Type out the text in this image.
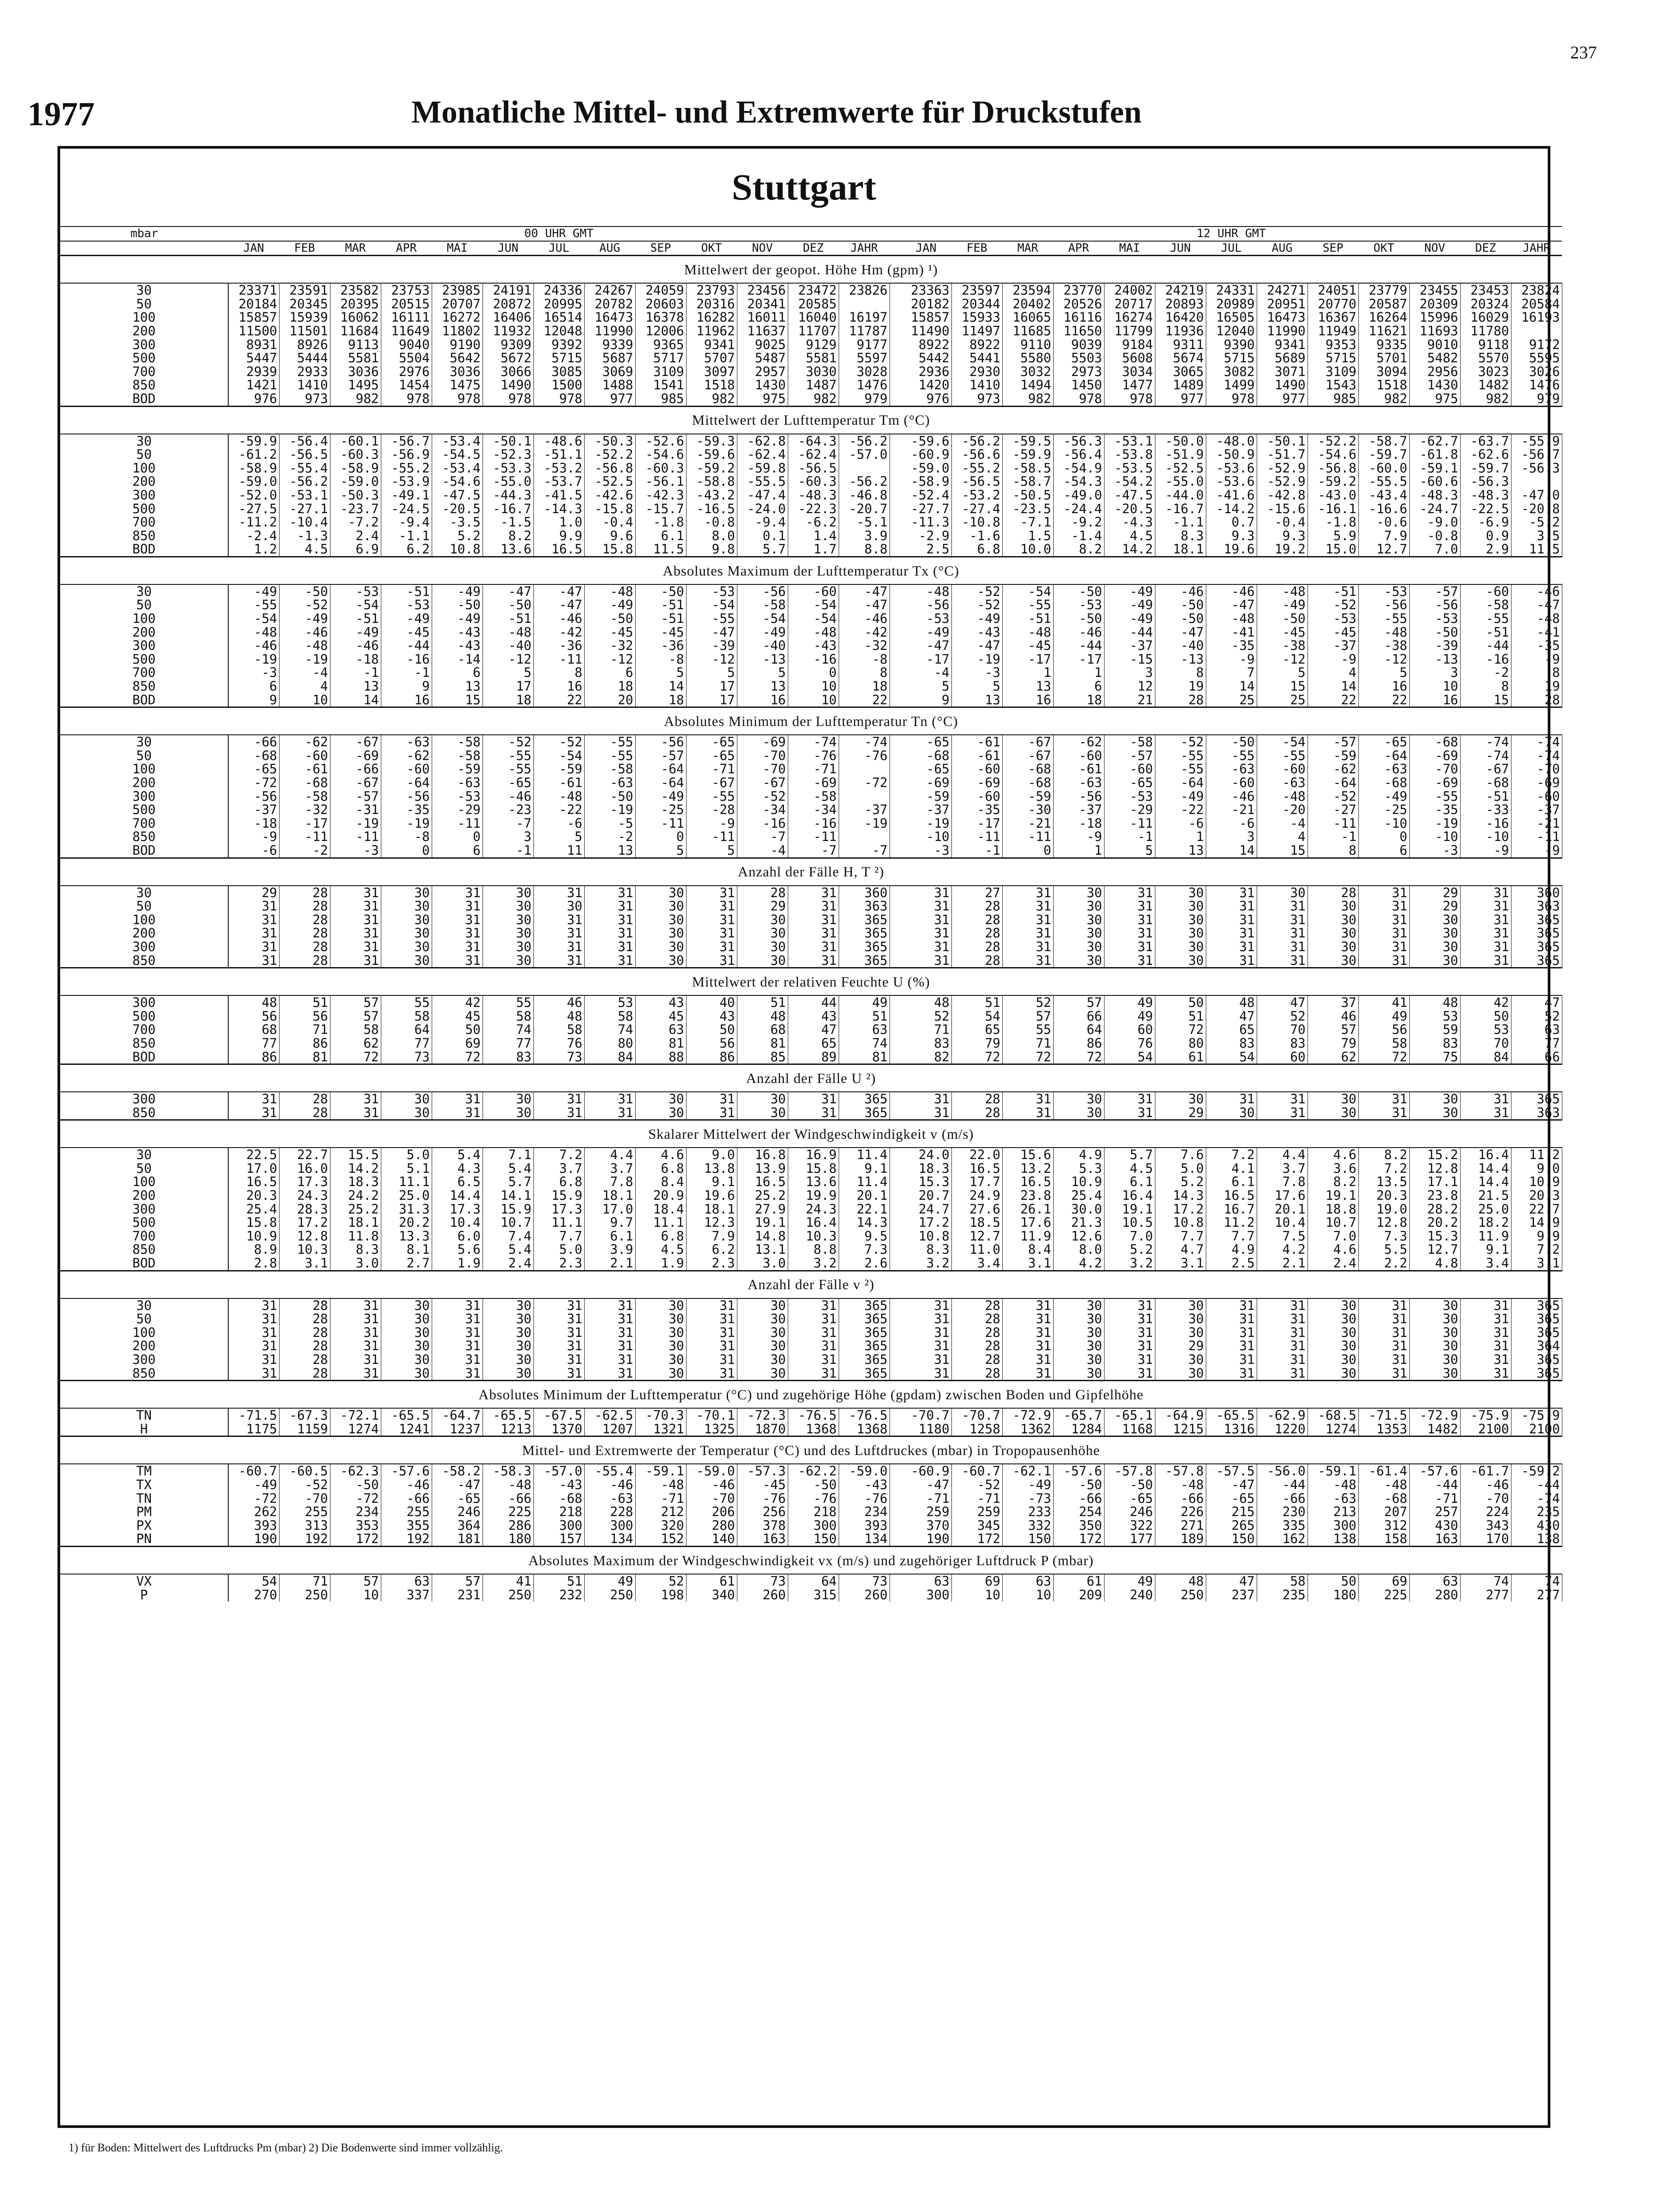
237
1977	Monatliche Mittel- und Extremwerte für Druckstufen
Stuttgart
mbar	00 UHR GMT														12 UHR GMT												
	JAN	FEB	MAR	APR	MAI	JUN	JUL	AUG	SEP	OKT	NOV	DEZ	JAHR		JAN	FEB	MAR	APR	MAI	JUN	JUL	AUG	SEP	OKT	NOV	DEZ	JAHR
Mittelwert der geopot. Höhe Hm (gpm) ¹)																											
30	23371	23591	23582	23753	23985	24191	24336	24267	24059	23793	23456	23472	23826		23363	23597	23594	23770	24002	24219	24331	24271	24051	23779	23455	23453	23824
50	20184	20345	20395	20515	20707	20872	20995	20782	20603	20316	20341	20585			20182	20344	20402	20526	20717	20893	20989	20951	20770	20587	20309	20324	20584
100	15857	15939	16062	16111	16272	16406	16514	16473	16378	16282	16011	16040	16197		15857	15933	16065	16116	16274	16420	16505	16473	16367	16264	15996	16029	16193
200	11500	11501	11684	11649	11802	11932	12048	11990	12006	11962	11637	11707	11787		11490	11497	11685	11650	11799	11936	12040	11990	11949	11621	11693	11780	
300	8931	8926	9113	9040	9190	9309	9392	9339	9365	9341	9025	9129	9177		8922	8922	9110	9039	9184	9311	9390	9341	9353	9335	9010	9118	9172
500	5447	5444	5581	5504	5642	5672	5715	5687	5717	5707	5487	5581	5597		5442	5441	5580	5503	5608	5674	5715	5689	5715	5701	5482	5570	5595
700	2939	2933	3036	2976	3036	3066	3085	3069	3109	3097	2957	3030	3028		2936	2930	3032	2973	3034	3065	3082	3071	3109	3094	2956	3023	3026
850	1421	1410	1495	1454	1475	1490	1500	1488	1541	1518	1430	1487	1476		1420	1410	1494	1450	1477	1489	1499	1490	1543	1518	1430	1482	1476
BOD	976	973	982	978	978	978	978	977	985	982	975	982	979		976	973	982	978	978	977	978	977	985	982	975	982	979
Mittelwert der Lufttemperatur Tm (°C)																											
30	-59.9	-56.4	-60.1	-56.7	-53.4	-50.1	-48.6	-50.3	-52.6	-59.3	-62.8	-64.3	-56.2		-59.6	-56.2	-59.5	-56.3	-53.1	-50.0	-48.0	-50.1	-52.2	-58.7	-62.7	-63.7	-55.9
50	-61.2	-56.5	-60.3	-56.9	-54.5	-52.3	-51.1	-52.2	-54.6	-59.6	-62.4	-62.4	-57.0		-60.9	-56.6	-59.9	-56.4	-53.8	-51.9	-50.9	-51.7	-54.6	-59.7	-61.8	-62.6	-56.7
100	-58.9	-55.4	-58.9	-55.2	-53.4	-53.3	-53.2	-56.8	-60.3	-59.2	-59.8	-56.5			-59.0	-55.2	-58.5	-54.9	-53.5	-52.5	-53.6	-52.9	-56.8	-60.0	-59.1	-59.7	-56.3
200	-59.0	-56.2	-59.0	-53.9	-54.6	-55.0	-53.7	-52.5	-56.1	-58.8	-55.5	-60.3	-56.2		-58.9	-56.5	-58.7	-54.3	-54.2	-55.0	-53.6	-52.9	-59.2	-55.5	-60.6	-56.3	
300	-52.0	-53.1	-50.3	-49.1	-47.5	-44.3	-41.5	-42.6	-42.3	-43.2	-47.4	-48.3	-46.8		-52.4	-53.2	-50.5	-49.0	-47.5	-44.0	-41.6	-42.8	-43.0	-43.4	-48.3	-48.3	-47.0
500	-27.5	-27.1	-23.7	-24.5	-20.5	-16.7	-14.3	-15.8	-15.7	-16.5	-24.0	-22.3	-20.7		-27.7	-27.4	-23.5	-24.4	-20.5	-16.7	-14.2	-15.6	-16.1	-16.6	-24.7	-22.5	-20.8
700	-11.2	-10.4	-7.2	-9.4	-3.5	-1.5	1.0	-0.4	-1.8	-0.8	-9.4	-6.2	-5.1		-11.3	-10.8	-7.1	-9.2	-4.3	-1.1	0.7	-0.4	-1.8	-0.6	-9.0	-6.9	-5.2
850	-2.4	-1.3	2.4	-1.1	5.2	8.2	9.9	9.6	6.1	8.0	0.1	1.4	3.9		-2.9	-1.6	1.5	-1.4	4.5	8.3	9.3	9.3	5.9	7.9	-0.8	0.9	3.5
BOD	1.2	4.5	6.9	6.2	10.8	13.6	16.5	15.8	11.5	9.8	5.7	1.7	8.8		2.5	6.8	10.0	8.2	14.2	18.1	19.6	19.2	15.0	12.7	7.0	2.9	11.5
Absolutes Maximum der Lufttemperatur Tx (°C)																											
30	-49	-50	-53	-51	-49	-47	-47	-48	-50	-53	-56	-60	-47		-48	-52	-54	-50	-49	-46	-46	-48	-51	-53	-57	-60	-46
50	-55	-52	-54	-53	-50	-50	-47	-49	-51	-54	-58	-54	-47		-56	-52	-55	-53	-49	-50	-47	-49	-52	-56	-56	-58	-47
100	-54	-49	-51	-49	-49	-51	-46	-50	-51	-55	-54	-54	-46		-53	-49	-51	-50	-49	-50	-48	-50	-53	-55	-53	-55	-48
200	-48	-46	-49	-45	-43	-48	-42	-45	-45	-47	-49	-48	-42		-49	-43	-48	-46	-44	-47	-41	-45	-45	-48	-50	-51	-41
300	-46	-48	-46	-44	-43	-40	-36	-32	-36	-39	-40	-43	-32		-47	-47	-45	-44	-37	-40	-35	-38	-37	-38	-39	-44	-35
500	-19	-19	-18	-16	-14	-12	-11	-12	-8	-12	-13	-16	-8		-17	-19	-17	-17	-15	-13	-9	-12	-9	-12	-13	-16	-9
700	-3	-4	-1	-1	6	5	8	6	5	5	5	0	8		-4	-3	1	1	3	8	7	5	4	5	3	-2	8
850	6	4	13	9	13	17	16	18	14	17	13	10	18		5	5	13	6	12	19	14	15	14	16	10	8	19
BOD	9	10	14	16	15	18	22	20	18	17	16	10	22		9	13	16	18	21	28	25	25	22	22	16	15	28
Absolutes Minimum der Lufttemperatur Tn (°C)																											
30	-66	-62	-67	-63	-58	-52	-52	-55	-56	-65	-69	-74	-74		-65	-61	-67	-62	-58	-52	-50	-54	-57	-65	-68	-74	-74
50	-68	-60	-69	-62	-58	-55	-54	-55	-57	-65	-70	-76	-76		-68	-61	-67	-60	-57	-55	-55	-55	-59	-64	-69	-74	-74
100	-65	-61	-66	-60	-59	-55	-59	-58	-64	-71	-70	-71			-65	-60	-68	-61	-60	-55	-63	-60	-62	-63	-70	-67	-70
200	-72	-68	-67	-64	-63	-65	-61	-63	-64	-67	-67	-69	-72		-69	-69	-68	-63	-65	-64	-60	-63	-64	-68	-69	-68	-69
300	-56	-58	-57	-56	-53	-46	-48	-50	-49	-55	-52	-58			-59	-60	-59	-56	-53	-49	-46	-48	-52	-49	-55	-51	-60
500	-37	-32	-31	-35	-29	-23	-22	-19	-25	-28	-34	-34	-37		-37	-35	-30	-37	-29	-22	-21	-20	-27	-25	-35	-33	-37
700	-18	-17	-19	-19	-11	-7	-6	-5	-11	-9	-16	-16	-19		-19	-17	-21	-18	-11	-6	-6	-4	-11	-10	-19	-16	-21
850	-9	-11	-11	-8	0	3	5	-2	0	-11	-7	-11			-10	-11	-11	-9	-1	1	3	4	-1	0	-10	-10	-11
BOD	-6	-2	-3	0	6	-1	11	13	5	5	-4	-7	-7		-3	-1	0	1	5	13	14	15	8	6	-3	-9	-9
Anzahl der Fälle H, T ²)																											
30	29	28	31	30	31	30	31	31	30	31	28	31	360		31	27	31	30	31	30	31	30	28	31	29	31	360
50	31	28	31	30	31	30	30	31	30	31	29	31	363		31	28	31	30	31	30	31	31	30	31	29	31	363
100	31	28	31	30	31	30	31	31	30	31	30	31	365		31	28	31	30	31	30	31	31	30	31	30	31	365
200	31	28	31	30	31	30	31	31	30	31	30	31	365		31	28	31	30	31	30	31	31	30	31	30	31	365
300	31	28	31	30	31	30	31	31	30	31	30	31	365		31	28	31	30	31	30	31	31	30	31	30	31	365
850	31	28	31	30	31	30	31	31	30	31	30	31	365		31	28	31	30	31	30	31	31	30	31	30	31	365
Mittelwert der relativen Feuchte U (%)																											
300	48	51	57	55	42	55	46	53	43	40	51	44	49		48	51	52	57	49	50	48	47	37	41	48	42	47
500	56	56	57	58	45	58	48	58	45	43	48	43	51		52	54	57	66	49	51	47	52	46	49	53	50	52
700	68	71	58	64	50	74	58	74	63	50	68	47	63		71	65	55	64	60	72	65	70	57	56	59	53	63
850	77	86	62	77	69	77	76	80	81	56	81	65	74		83	79	71	86	76	80	83	83	79	58	83	70	77
BOD	86	81	72	73	72	83	73	84	88	86	85	89	81		82	72	72	72	54	61	54	60	62	72	75	84	66
Anzahl der Fälle U ²)																											
300	31	28	31	30	31	30	31	31	30	31	30	31	365		31	28	31	30	31	30	31	31	30	31	30	31	365
850	31	28	31	30	31	30	31	31	30	31	30	31	365		31	28	31	30	31	29	30	31	30	31	30	31	363
Skalarer Mittelwert der Windgeschwindigkeit v (m/s)																											
30	22.5	22.7	15.5	5.0	5.4	7.1	7.2	4.4	4.6	9.0	16.8	16.9	11.4		24.0	22.0	15.6	4.9	5.7	7.6	7.2	4.4	4.6	8.2	15.2	16.4	11.2
50	17.0	16.0	14.2	5.1	4.3	5.4	3.7	3.7	6.8	13.8	13.9	15.8	9.1		18.3	16.5	13.2	5.3	4.5	5.0	4.1	3.7	3.6	7.2	12.8	14.4	9.0
100	16.5	17.3	18.3	11.1	6.5	5.7	6.8	7.8	8.4	9.1	16.5	13.6	11.4		15.3	17.7	16.5	10.9	6.1	5.2	6.1	7.8	8.2	13.5	17.1	14.4	10.9
200	20.3	24.3	24.2	25.0	14.4	14.1	15.9	18.1	20.9	19.6	25.2	19.9	20.1		20.7	24.9	23.8	25.4	16.4	14.3	16.5	17.6	19.1	20.3	23.8	21.5	20.3
300	25.4	28.3	25.2	31.3	17.3	15.9	17.3	17.0	18.4	18.1	27.9	24.3	22.1		24.7	27.6	26.1	30.0	19.1	17.2	16.7	20.1	18.8	19.0	28.2	25.0	22.7
500	15.8	17.2	18.1	20.2	10.4	10.7	11.1	9.7	11.1	12.3	19.1	16.4	14.3		17.2	18.5	17.6	21.3	10.5	10.8	11.2	10.4	10.7	12.8	20.2	18.2	14.9
700	10.9	12.8	11.8	13.3	6.0	7.4	7.7	6.1	6.8	7.9	14.8	10.3	9.5		10.8	12.7	11.9	12.6	7.0	7.7	7.7	7.5	7.0	7.3	15.3	11.9	9.9
850	8.9	10.3	8.3	8.1	5.6	5.4	5.0	3.9	4.5	6.2	13.1	8.8	7.3		8.3	11.0	8.4	8.0	5.2	4.7	4.9	4.2	4.6	5.5	12.7	9.1	7.2
BOD	2.8	3.1	3.0	2.7	1.9	2.4	2.3	2.1	1.9	2.3	3.0	3.2	2.6		3.2	3.4	3.1	4.2	3.2	3.1	2.5	2.1	2.4	2.2	4.8	3.4	3.1
Anzahl der Fälle v ²)																											
30	31	28	31	30	31	30	31	31	30	31	30	31	365		31	28	31	30	31	30	31	31	30	31	30	31	365
50	31	28	31	30	31	30	31	31	30	31	30	31	365		31	28	31	30	31	30	31	31	30	31	30	31	365
100	31	28	31	30	31	30	31	31	30	31	30	31	365		31	28	31	30	31	30	31	31	30	31	30	31	365
200	31	28	31	30	31	30	31	31	30	31	30	31	365		31	28	31	30	31	29	31	31	30	31	30	31	364
300	31	28	31	30	31	30	31	31	30	31	30	31	365		31	28	31	30	31	30	31	31	30	31	30	31	365
850	31	28	31	30	31	30	31	31	30	31	30	31	365		31	28	31	30	31	30	31	31	30	31	30	31	365
Absolutes Minimum der Lufttemperatur (°C) und zugehörige Höhe (gpdam) zwischen Boden und Gipfelhöhe																											
TN	-71.5	-67.3	-72.1	-65.5	-64.7	-65.5	-67.5	-62.5	-70.3	-70.1	-72.3	-76.5	-76.5		-70.7	-70.7	-72.9	-65.7	-65.1	-64.9	-65.5	-62.9	-68.5	-71.5	-72.9	-75.9	-75.9
H	1175	1159	1274	1241	1237	1213	1370	1207	1321	1325	1870	1368	1368		1180	1258	1362	1284	1168	1215	1316	1220	1274	1353	1482	2100	2100
Mittel- und Extremwerte der Temperatur (°C) und des Luftdruckes (mbar) in Tropopausenhöhe																											
TM	-60.7	-60.5	-62.3	-57.6	-58.2	-58.3	-57.0	-55.4	-59.1	-59.0	-57.3	-62.2	-59.0		-60.9	-60.7	-62.1	-57.6	-57.8	-57.8	-57.5	-56.0	-59.1	-61.4	-57.6	-61.7	-59.2
TX	-49	-52	-50	-46	-47	-48	-43	-46	-48	-46	-45	-50	-43		-47	-52	-49	-50	-50	-48	-47	-44	-48	-48	-44	-46	-44
TN	-72	-70	-72	-66	-65	-66	-68	-63	-71	-70	-76	-76	-76		-71	-71	-73	-66	-65	-66	-65	-66	-63	-68	-71	-70	-74
PM	262	255	234	255	246	225	218	228	212	206	256	218	234		259	259	233	254	246	226	215	230	213	207	257	224	235
PX	393	313	353	355	364	286	300	300	320	280	378	300	393		370	345	332	350	322	271	265	335	300	312	430	343	430
PN	190	192	172	192	181	180	157	134	152	140	163	150	134		190	172	150	172	177	189	150	162	138	158	163	170	138
Absolutes Maximum der Windgeschwindigkeit vx (m/s) und zugehöriger Luftdruck P (mbar)																											
VX	54	71	57	63	57	41	51	49	52	61	73	64	73		63	69	63	61	49	48	47	58	50	69	63	74	74
P	270	250	10	337	231	250	232	250	198	340	260	315	260		300	10	10	209	240	250	237	235	180	225	280	277	277
1) für Boden: Mittelwert des Luftdrucks Pm (mbar) 2) Die Bodenwerte sind immer vollzählig.
